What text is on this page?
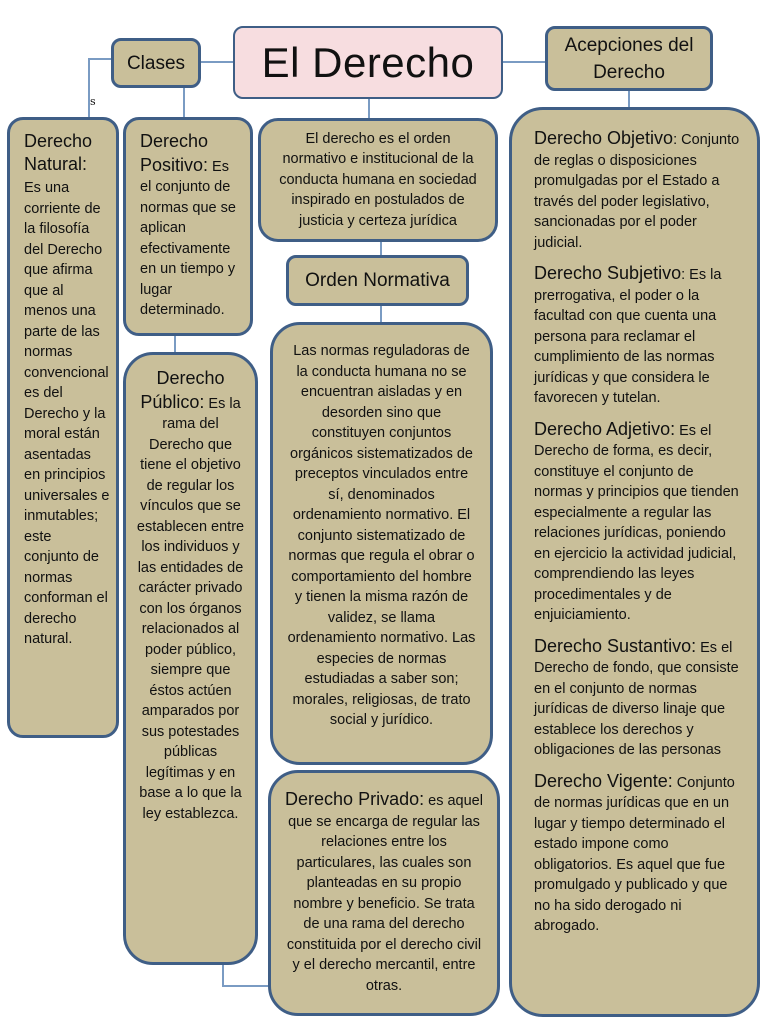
s
El Derecho
Clases
Acepciones del Derecho
El derecho es el orden normativo e institucional de la conducta humana en sociedad inspirado en postulados de justicia y certeza jurídica
Orden Normativa
Las normas reguladoras de la conducta humana no se encuentran aisladas y en desorden sino que constituyen conjuntos orgánicos sistematizados de preceptos vinculados entre sí, denominados ordenamiento normativo. El conjunto sistematizado de normas que regula el obrar o comportamiento del hombre y tienen la misma razón de validez, se llama ordenamiento normativo. Las especies de normas estudiadas a saber son; morales, religiosas, de trato social y jurídico.
Derecho Natural:
Es una corriente de la filosofía del Derecho que afirma que al menos una parte de las normas convencionales del Derecho y la moral están asentadas en principios universales e inmutables; este conjunto de normas conforman el derecho natural.
Derecho Positivo: Es el conjunto de normas que se aplican efectivamente en un tiempo y lugar determinado.
Derecho Público: Es la rama del Derecho que tiene el objetivo de regular los vínculos que se establecen entre los individuos y las entidades de carácter privado con los órganos relacionados al poder público, siempre que éstos actúen amparados por sus potestades públicas legítimas y en base a lo que la ley establezca.
Derecho Privado: es aquel que se encarga de regular las relaciones entre los particulares, las cuales son planteadas en su propio nombre y beneficio. Se trata de una rama del derecho constituida por el derecho civil y el derecho mercantil, entre otras.
Derecho Objetivo: Conjunto de reglas o disposiciones promulgadas por el Estado a través del poder legislativo, sancionadas por el poder judicial.
Derecho Subjetivo: Es la prerrogativa, el poder o la facultad con que cuenta una persona para reclamar el cumplimiento de las normas jurídicas y que considera le favorecen y tutelan.
Derecho Adjetivo: Es el Derecho de forma, es decir, constituye el conjunto de normas y principios que tienden especialmente a regular las relaciones jurídicas, poniendo en ejercicio la actividad judicial, comprendiendo las leyes procedimentales y de enjuiciamiento.
Derecho Sustantivo: Es el Derecho de fondo, que consiste en el conjunto de normas jurídicas de diverso linaje que establece los derechos y obligaciones de las personas
Derecho Vigente: Conjunto de normas jurídicas que en un lugar y tiempo determinado el estado impone como obligatorios. Es aquel que fue promulgado y publicado y que no ha sido derogado ni abrogado.
